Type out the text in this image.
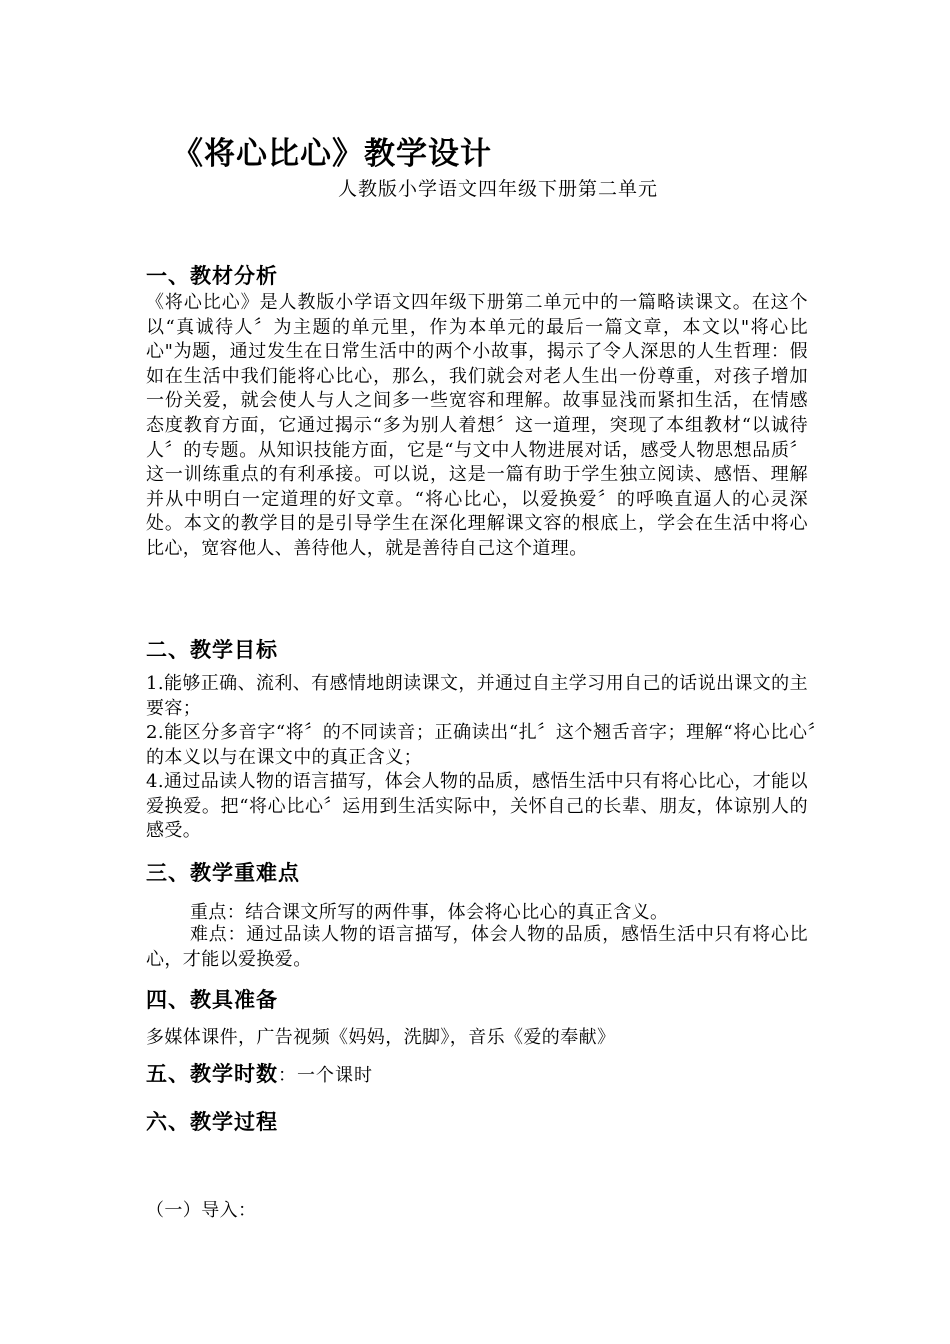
《将心比心》教学设计
人教版小学语文四年级下册第二单元
一、教材分析

《将心比心》是人教版小学语文四年级下册第二单元中的一篇略读课文。在这个以“真诚待人〞为主题的单元里，作为本单元的最后一篇文章，本文以"将心比心"为题，通过发生在日常生活中的两个小故事，揭示了令人深思的人生哲理：假如在生活中我们能将心比心，那么，我们就会对老人生出一份尊重，对孩子增加一份关爱，就会使人与人之间多一些宽容和理解。故事显浅而紧扣生活，在情感态度教育方面，它通过揭示“多为别人着想〞这一道理，突现了本组教材“以诚待人〞的专题。从知识技能方面，它是“与文中人物进展对话，感受人物思想品质〞这一训练重点的有利承接。可以说，这是一篇有助于学生独立阅读、感悟、理解并从中明白一定道理的好文章。“将心比心，以爱换爱〞的呼唤直逼人的心灵深处。本文的教学目的是引导学生在深化理解课文容的根底上，学会在生活中将心比心，宽容他人、善待他人，就是善待自己这个道理。

二、教学目标

1.能够正确、流利、有感情地朗读课文，并通过自主学习用自己的话说出课文的主要容；

2.能区分多音字“将〞的不同读音；正确读出“扎〞这个翘舌音字；理解“将心比心〞的本义以与在课文中的真正含义；

4.通过品读人物的语言描写，体会人物的品质，感悟生活中只有将心比心，才能以爱换爱。把“将心比心〞运用到生活实际中，关怀自己的长辈、朋友，体谅别人的感受。

三、教学重难点
重点：结合课文所写的两件事，体会将心比心的真正含义。

难点：通过品读人物的语言描写，体会人物的品质，感悟生活中只有将心比心，才能以爱换爱。

四、教具准备
多媒体课件，广告视频《妈妈，洗脚》，音乐《爱的奉献》
五、教学时数：一个课时
六、教学过程
（一）导入：
